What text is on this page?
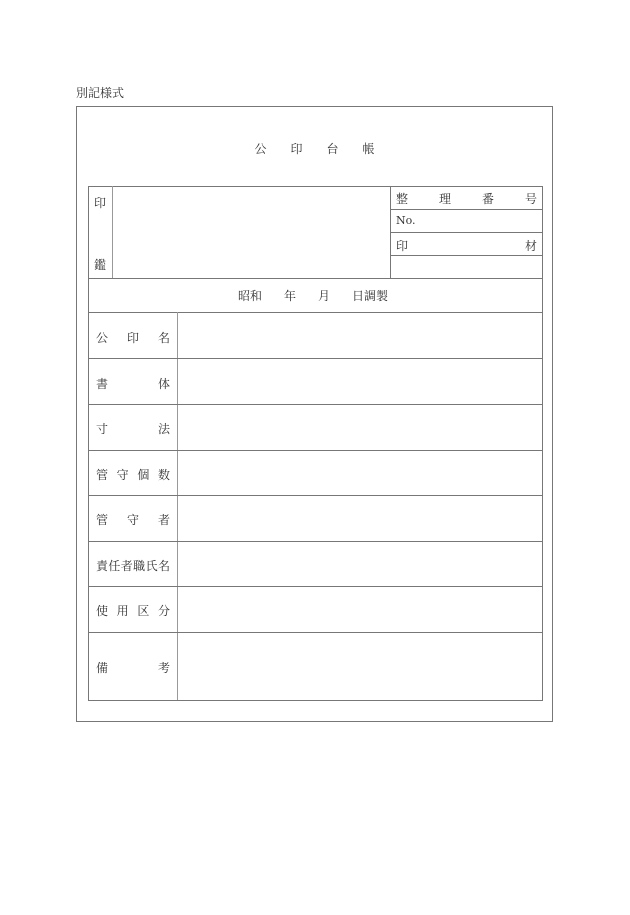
別記様式
公 印 台 帳
印
鑑
整	理	番	号
No.
印	材
昭和 年 月 日調製
公 印 名
書	体
寸	法
管 守 個 数
管 守 者
責 任 者 職 氏 名
使 用 区 分
備	考
